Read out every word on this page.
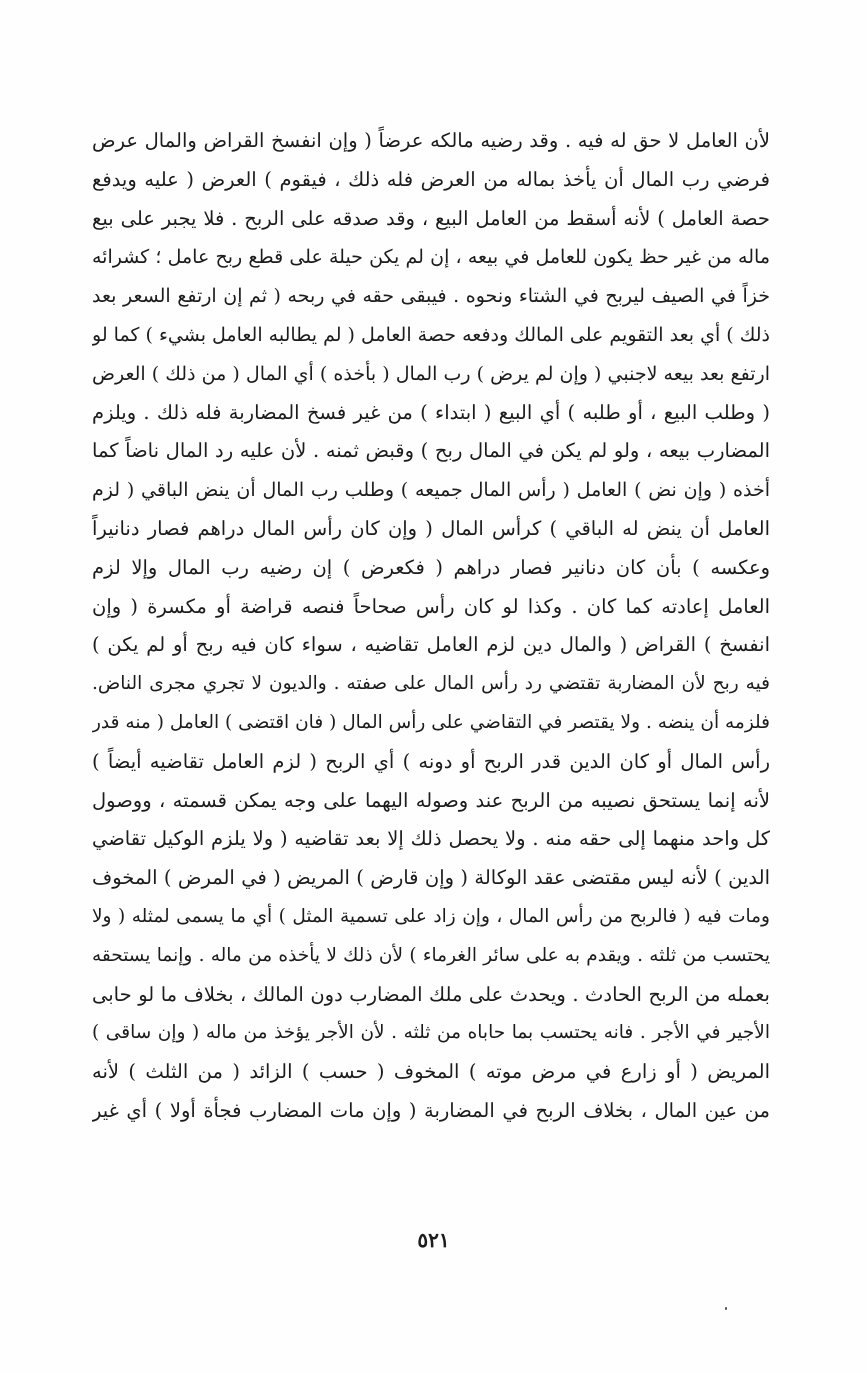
لأن العامل لا حق له فيه . وقد رضيه مالكه عرضاً ( وإن انفسخ القراض والمال عرض
فرضي رب المال أن يأخذ بماله من العرض فله ذلك ، فيقوم ) العرض ( عليه ويدفع
حصة العامل ) لأنه أسقط من العامل البيع ، وقد صدقه على الربح . فلا يجبر على بيع
ماله من غير حظ يكون للعامل في بيعه ، إن لم يكن حيلة على قطع ربح عامل ؛ كشرائه
خزاً في الصيف ليربح في الشتاء ونحوه . فيبقى حقه في ربحه ( ثم إن ارتفع السعر بعد
ذلك ) أي بعد التقويم على المالك ودفعه حصة العامل ( لم يطالبه العامل بشيء ) كما لو
ارتفع بعد بيعه لاجنبي ( وإن لم يرض ) رب المال ( بأخذه ) أي المال ( من ذلك ) العرض
( وطلب البيع ، أو طلبه ) أي البيع ( ابتداء ) من غير فسخ المضاربة فله ذلك . ويلزم
المضارب بيعه ، ولو لم يكن في المال ربح ) وقبض ثمنه . لأن عليه رد المال ناضاً كما
أخذه ( وإن نض ) العامل ( رأس المال جميعه ) وطلب رب المال أن ينض الباقي ( لزم
العامل أن ينض له الباقي ) كرأس المال ( وإن كان رأس المال دراهم فصار دنانيراً
وعكسه ) بأن كان دنانير فصار دراهم ( فكعرض ) إن رضيه رب المال وإلا لزم
العامل إعادته كما كان . وكذا لو كان رأس صحاحاً فنصه قراضة أو مكسرة ( وإن
انفسخ ) القراض ( والمال دين لزم العامل تقاضيه ، سواء كان فيه ربح أو لم يكن )
فيه ربح لأن المضاربة تقتضي رد رأس المال على صفته . والديون لا تجري مجرى الناض.
فلزمه أن ينضه . ولا يقتصر في التقاضي على رأس المال ( فان اقتضى ) العامل ( منه قدر
رأس المال أو كان الدين قدر الربح أو دونه ) أي الربح ( لزم العامل تقاضيه أيضاً )
لأنه إنما يستحق نصيبه من الربح عند وصوله اليهما على وجه يمكن قسمته ، ووصول
كل واحد منهما إلى حقه منه . ولا يحصل ذلك إلا بعد تقاضيه ( ولا يلزم الوكيل تقاضي
الدين ) لأنه ليس مقتضى عقد الوكالة ( وإن قارض ) المريض ( في المرض ) المخوف
ومات فيه ( فالربح من رأس المال ، وإن زاد على تسمية المثل ) أي ما يسمى لمثله ( ولا
يحتسب من ثلثه . ويقدم به على سائر الغرماء ) لأن ذلك لا يأخذه من ماله . وإنما يستحقه
بعمله من الربح الحادث . ويحدث على ملك المضارب دون المالك ، بخلاف ما لو حابى
الأجير في الأجر . فانه يحتسب بما حاباه من ثلثه . لأن الأجر يؤخذ من ماله ( وإن ساقى )
المريض ( أو زارع في مرض موته ) المخوف ( حسب ) الزائد ( من الثلث ) لأنه
من عين المال ، بخلاف الربح في المضاربة ( وإن مات المضارب فجأة أولا ) أي غير
٥٢١
